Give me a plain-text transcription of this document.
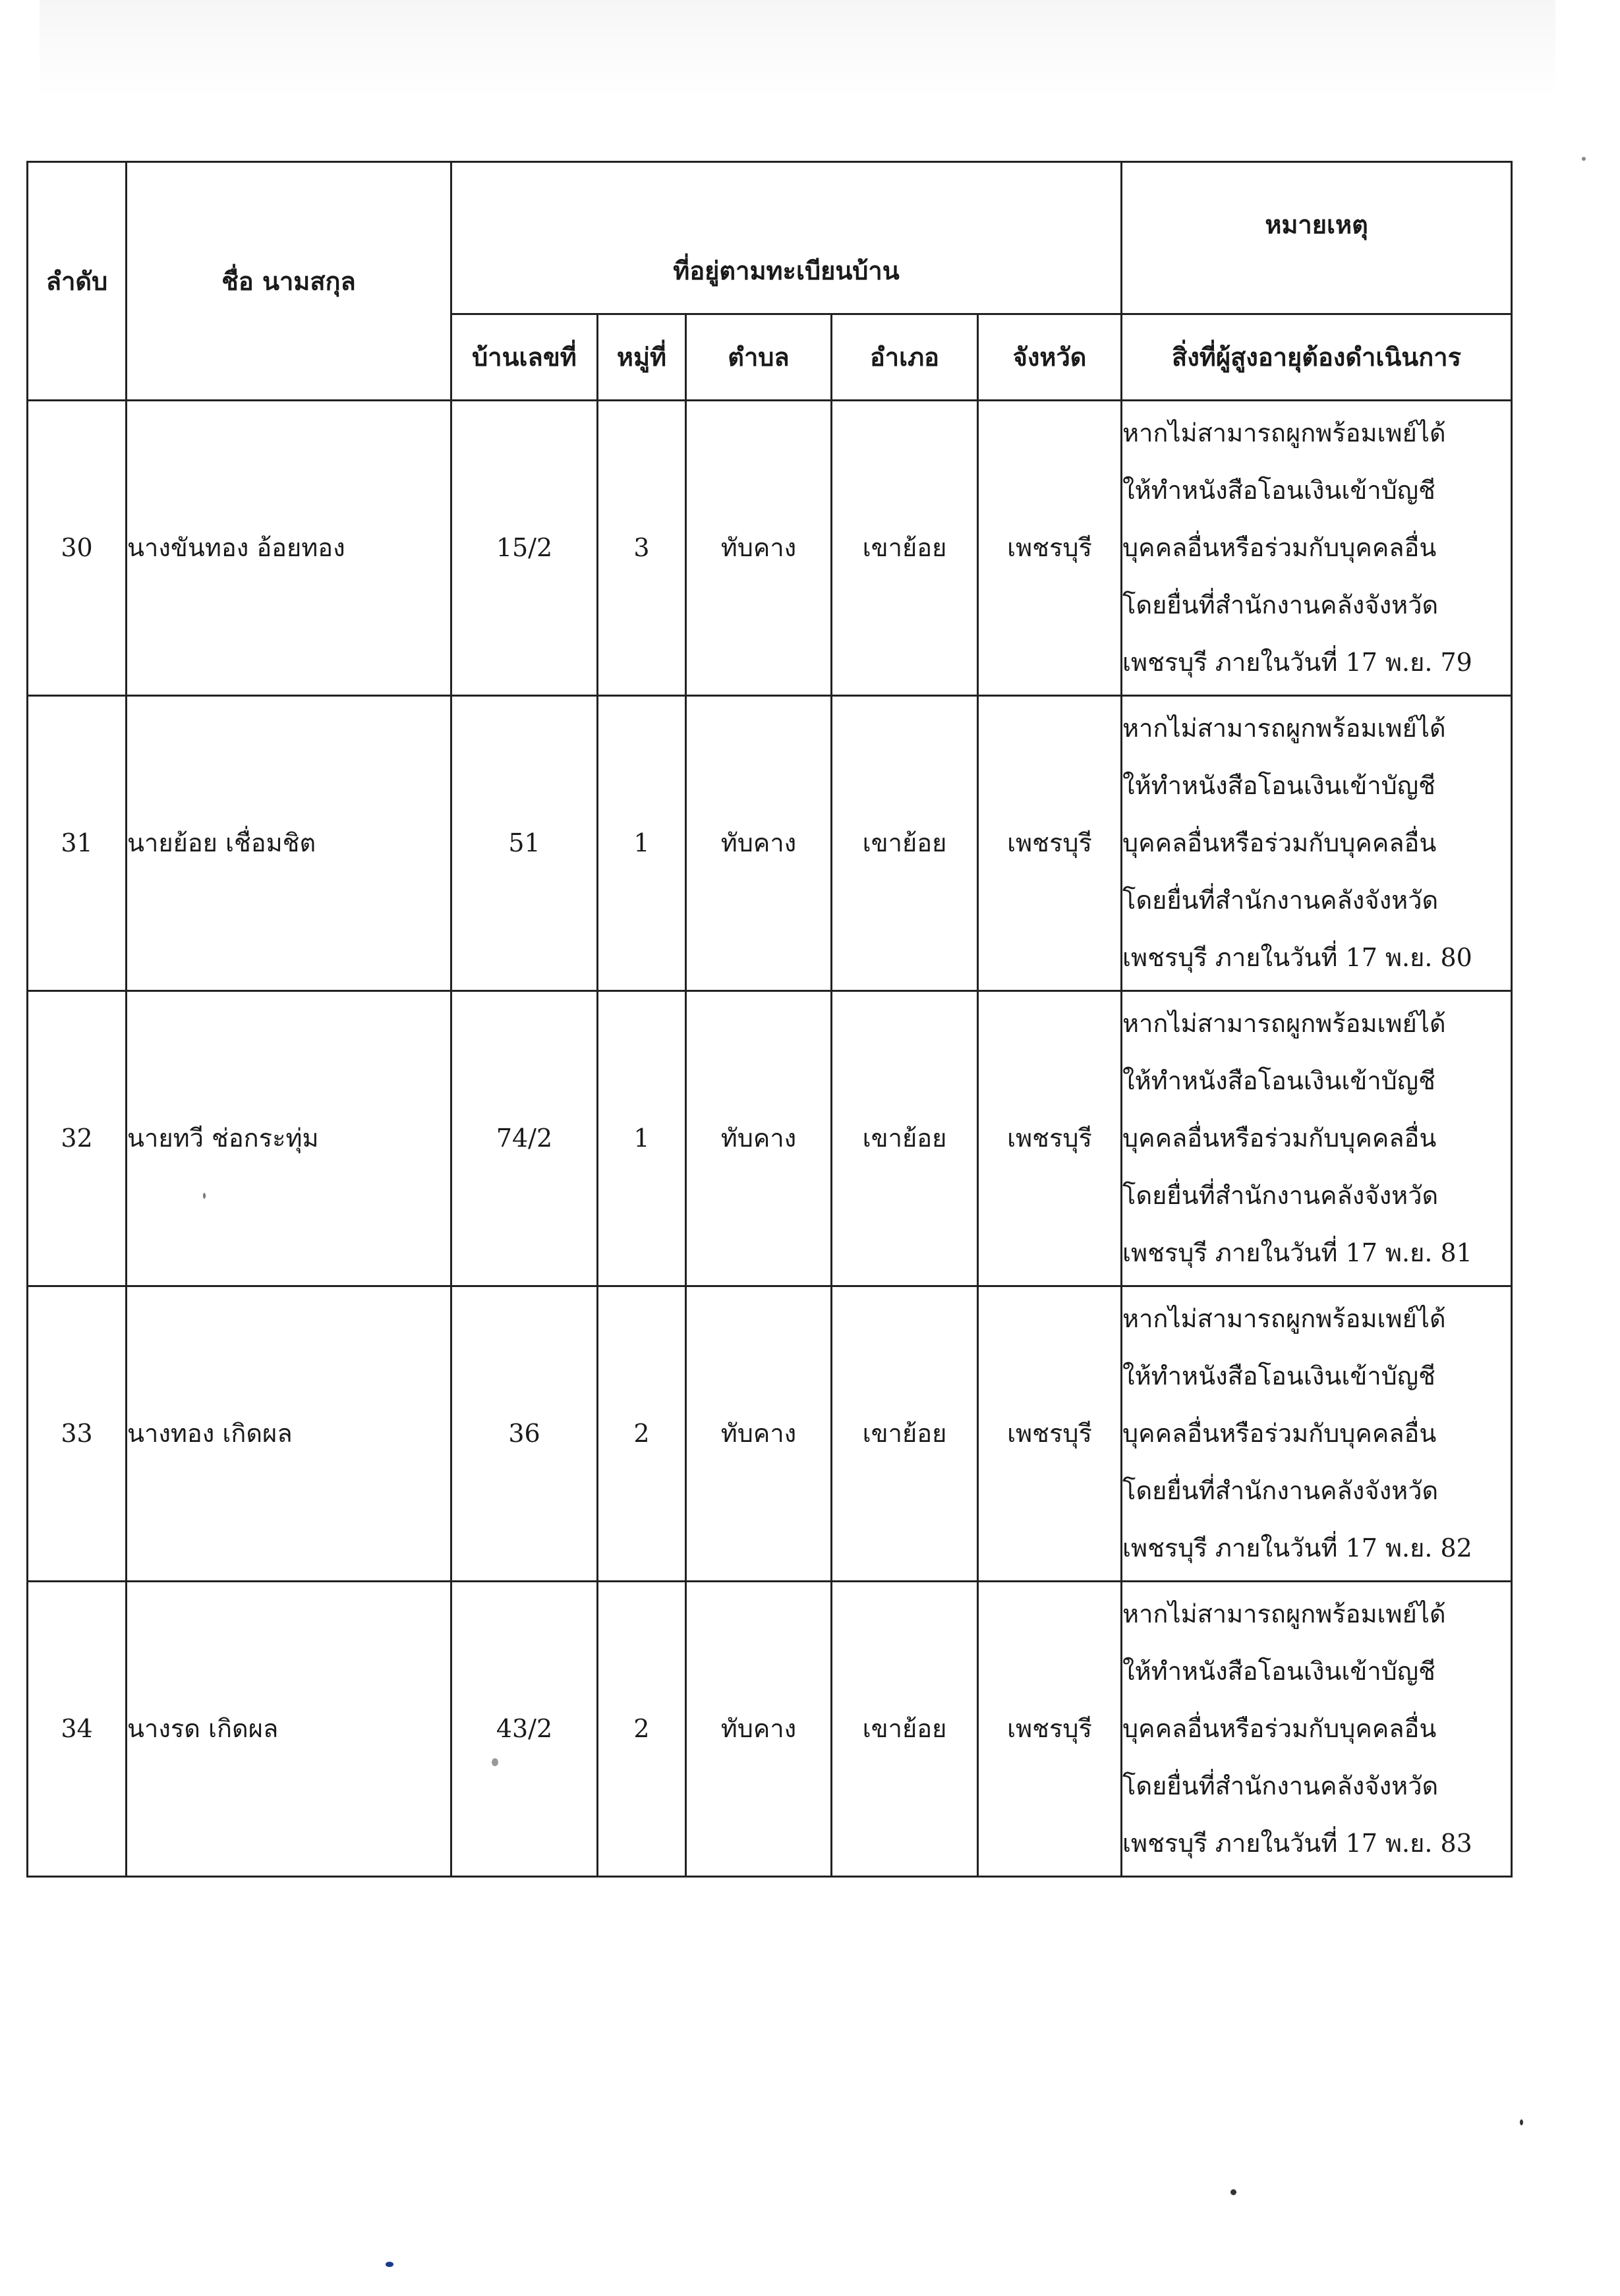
ลำดับ	ชื่อ นามสกุล	ที่อยู่ตามทะเบียนบ้าน					หมายเหตุ

		บ้านเลขที่	หมู่ที่	ตำบล	อำเภอ	จังหวัด	สิ่งที่ผู้สูงอายุต้องดำเนินการ
30	นางขันทอง อ้อยทอง	15/2	3	ทับคาง	เขาย้อย	เพชรบุรี	หากไม่สามารถผูกพร้อมเพย์ได้
ให้ทำหนังสือโอนเงินเข้าบัญชี
บุคคลอื่นหรือร่วมกับบุคคลอื่น
โดยยื่นที่สำนักงานคลังจังหวัด
เพชรบุรี ภายในวันที่ 17 พ.ย. 79

31	นายย้อย เชื่อมชิต	51	1	ทับคาง	เขาย้อย	เพชรบุรี	หากไม่สามารถผูกพร้อมเพย์ได้
ให้ทำหนังสือโอนเงินเข้าบัญชี
บุคคลอื่นหรือร่วมกับบุคคลอื่น
โดยยื่นที่สำนักงานคลังจังหวัด
เพชรบุรี ภายในวันที่ 17 พ.ย. 80

32	นายทวี ช่อกระทุ่ม	74/2	1	ทับคาง	เขาย้อย	เพชรบุรี	หากไม่สามารถผูกพร้อมเพย์ได้
ให้ทำหนังสือโอนเงินเข้าบัญชี
บุคคลอื่นหรือร่วมกับบุคคลอื่น
โดยยื่นที่สำนักงานคลังจังหวัด
เพชรบุรี ภายในวันที่ 17 พ.ย. 81

33	นางทอง เกิดผล	36	2	ทับคาง	เขาย้อย	เพชรบุรี	หากไม่สามารถผูกพร้อมเพย์ได้
ให้ทำหนังสือโอนเงินเข้าบัญชี
บุคคลอื่นหรือร่วมกับบุคคลอื่น
โดยยื่นที่สำนักงานคลังจังหวัด
เพชรบุรี ภายในวันที่ 17 พ.ย. 82

34	นางรด เกิดผล	43/2	2	ทับคาง	เขาย้อย	เพชรบุรี	หากไม่สามารถผูกพร้อมเพย์ได้
ให้ทำหนังสือโอนเงินเข้าบัญชี
บุคคลอื่นหรือร่วมกับบุคคลอื่น
โดยยื่นที่สำนักงานคลังจังหวัด
เพชรบุรี ภายในวันที่ 17 พ.ย. 83
